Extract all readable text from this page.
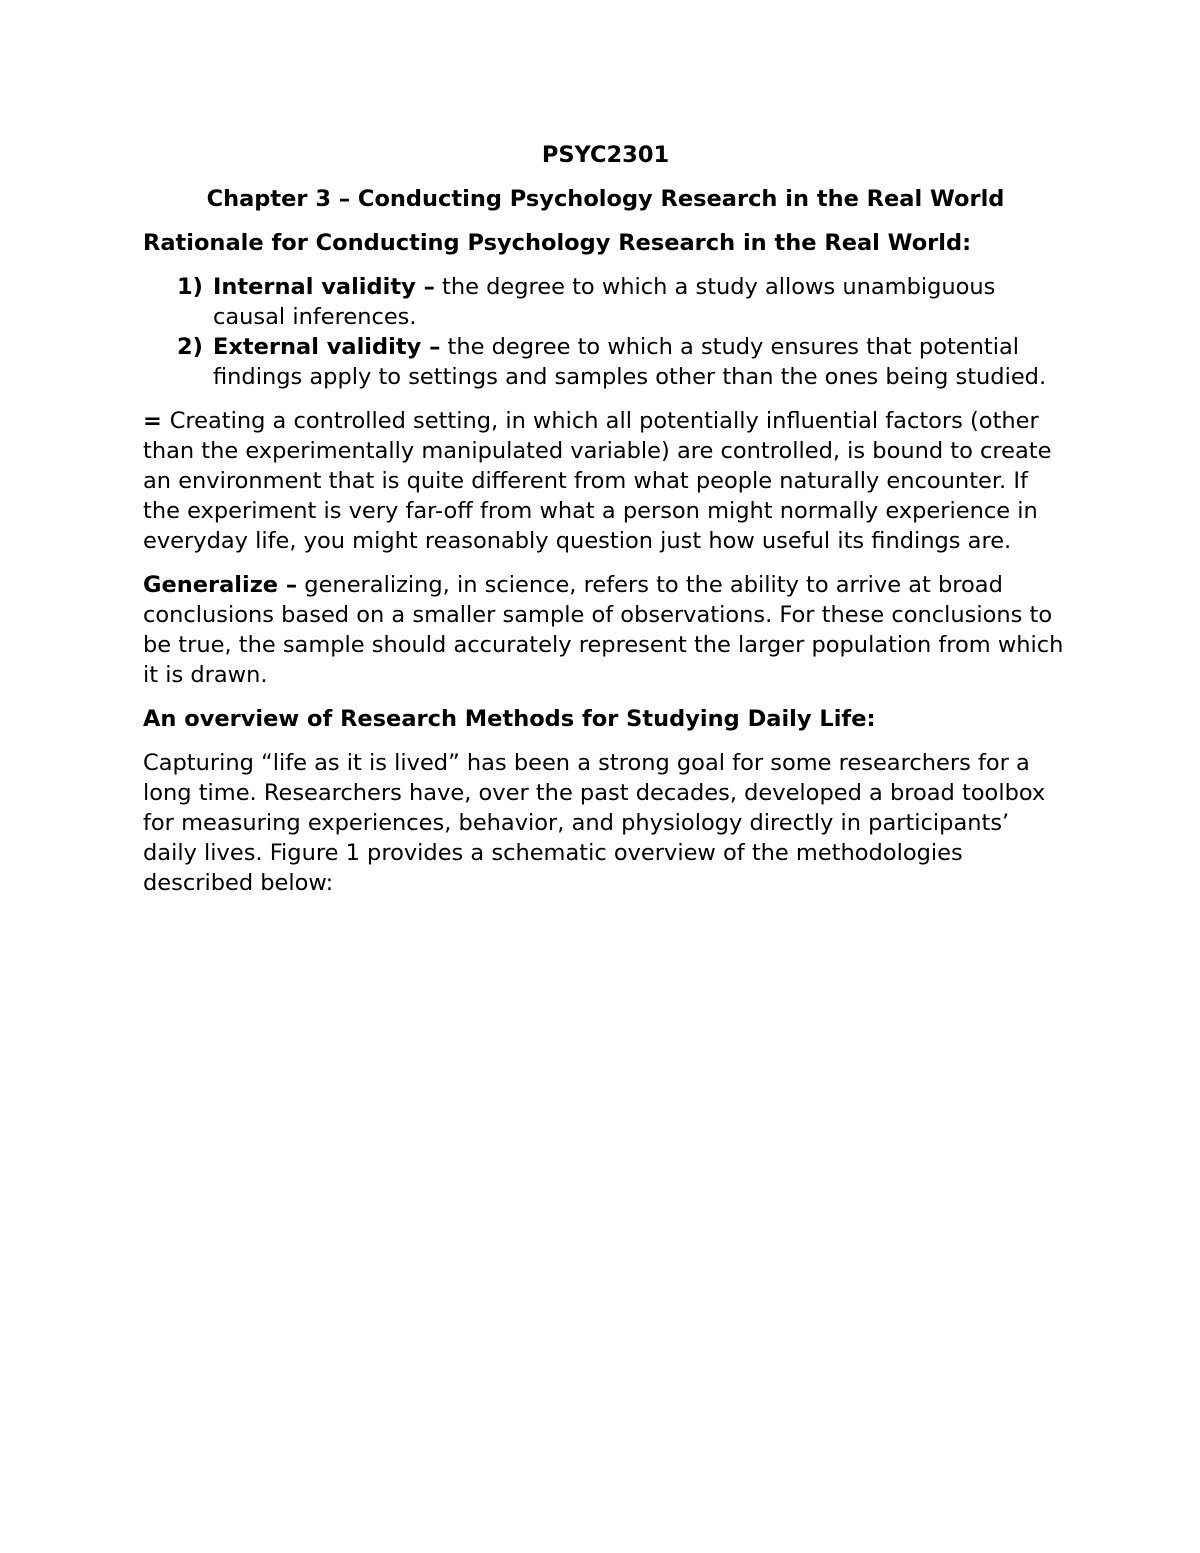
PSYC2301

Chapter 3 – Conducting Psychology Research in the Real World

Rationale for Conducting Psychology Research in the Real World:

1) Internal validity – the degree to which a study allows unambiguous causal inferences.
2) External validity – the degree to which a study ensures that potential findings apply to settings and samples other than the ones being studied.

= Creating a controlled setting, in which all potentially influential factors (other than the experimentally manipulated variable) are controlled, is bound to create an environment that is quite different from what people naturally encounter. If the experiment is very far-off from what a person might normally experience in everyday life, you might reasonably question just how useful its findings are.

Generalize – generalizing, in science, refers to the ability to arrive at broad conclusions based on a smaller sample of observations. For these conclusions to be true, the sample should accurately represent the larger population from which it is drawn.

An overview of Research Methods for Studying Daily Life:

Capturing “life as it is lived” has been a strong goal for some researchers for a long time. Researchers have, over the past decades, developed a broad toolbox for measuring experiences, behavior, and physiology directly in participants’ daily lives. Figure 1 provides a schematic overview of the methodologies described below:
